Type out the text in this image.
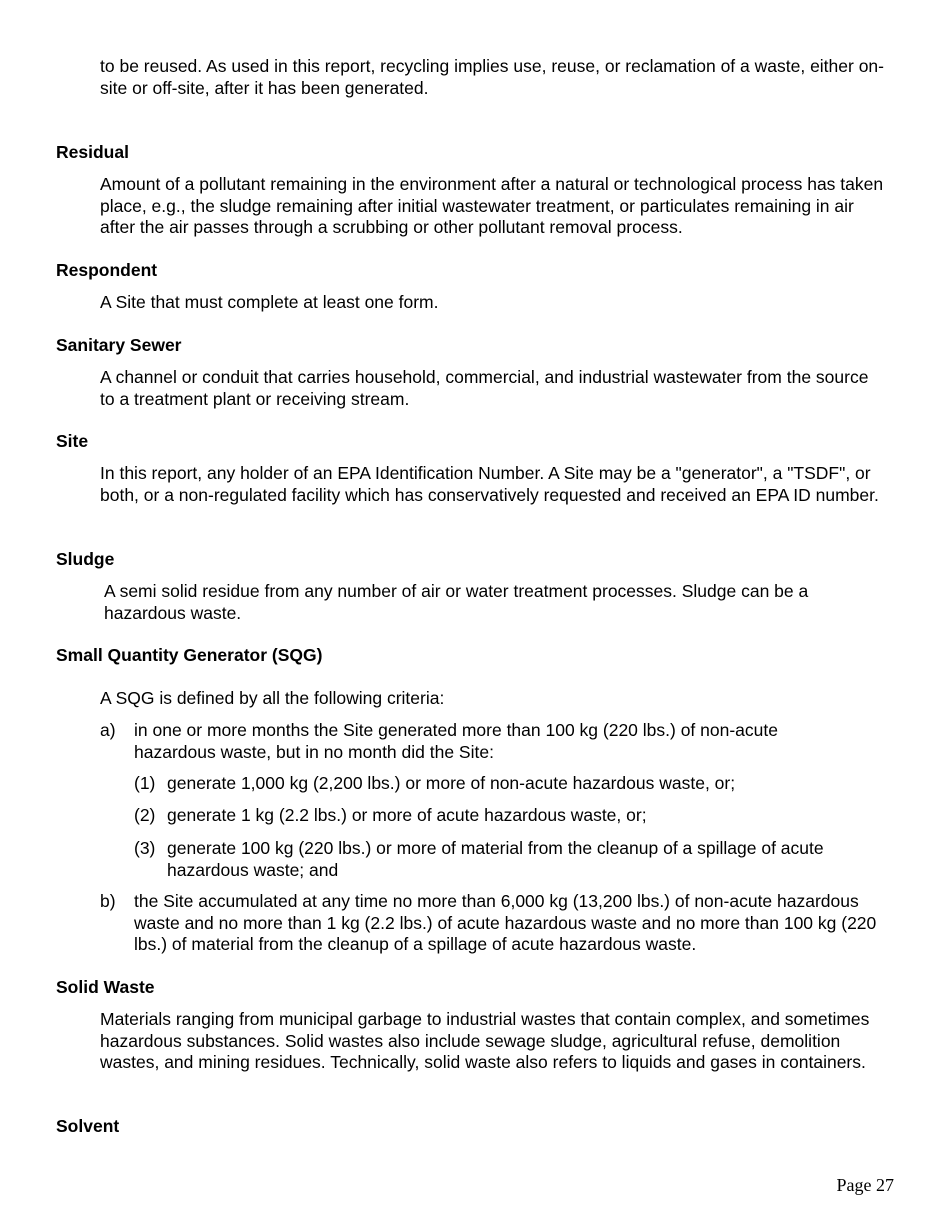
to be reused. As used in this report, recycling implies use, reuse, or reclamation of a waste, either on-site or off-site, after it has been generated.

Residual

Amount of a pollutant remaining in the environment after a natural or technological process has taken place, e.g., the sludge remaining after initial wastewater treatment, or particulates remaining in air after the air passes through a scrubbing or other pollutant removal process.

Respondent

A Site that must complete at least one form.

Sanitary Sewer

A channel or conduit that carries household, commercial, and industrial wastewater from the source to a treatment plant or receiving stream.

Site

In this report, any holder of an EPA Identification Number. A Site may be a "generator", a "TSDF", or both, or a non-regulated facility which has conservatively requested and received an EPA ID number.

Sludge

A semi solid residue from any number of air or water treatment processes. Sludge can be a hazardous waste.

Small Quantity Generator (SQG)

A SQG is defined by all the following criteria:

a) in one or more months the Site generated more than 100 kg (220 lbs.) of non-acute hazardous waste, but in no month did the Site:
(1) generate 1,000 kg (2,200 lbs.) or more of non-acute hazardous waste, or;
(2) generate 1 kg (2.2 lbs.) or more of acute hazardous waste, or;
(3) generate 100 kg (220 lbs.) or more of material from the cleanup of a spillage of acute hazardous waste; and
b) the Site accumulated at any time no more than 6,000 kg (13,200 lbs.) of non-acute hazardous waste and no more than 1 kg (2.2 lbs.) of acute hazardous waste and no more than 100 kg (220 lbs.) of material from the cleanup of a spillage of acute hazardous waste.

Solid Waste

Materials ranging from municipal garbage to industrial wastes that contain complex, and sometimes hazardous substances. Solid wastes also include sewage sludge, agricultural refuse, demolition wastes, and mining residues. Technically, solid waste also refers to liquids and gases in containers.

Solvent

Page 27
